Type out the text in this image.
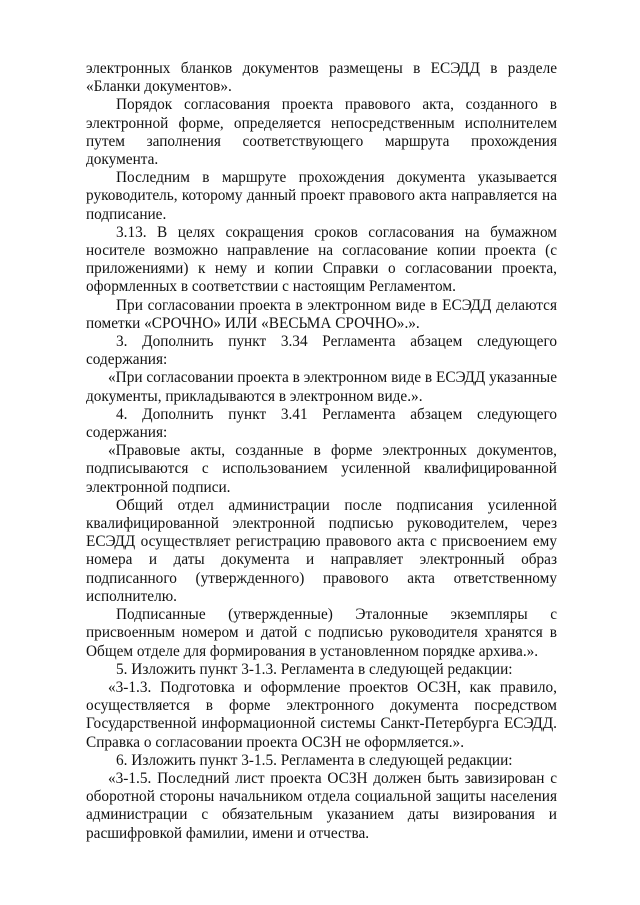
электронных бланков документов размещены в ЕСЭДД в разделе «Бланки документов».

Порядок согласования проекта правового акта, созданного в электронной форме, определяется непосредственным исполнителем путем заполнения соответствующего маршрута прохождения документа.

Последним в маршруте прохождения документа указывается руководитель, которому данный проект правового акта направляется на подписание.

3.13. В целях сокращения сроков согласования на бумажном носителе возможно направление на согласование копии проекта (с приложениями) к нему и копии Справки о согласовании проекта, оформленных в соответствии с настоящим Регламентом.

При согласовании проекта в электронном виде в ЕСЭДД делаются пометки «СРОЧНО» ИЛИ «ВЕСЬМА СРОЧНО».».

3. Дополнить пункт 3.34 Регламента абзацем следующего содержания:

«При согласовании проекта в электронном виде в ЕСЭДД указанные документы, прикладываются в электронном виде.».

4. Дополнить пункт 3.41 Регламента абзацем следующего содержания:

«Правовые акты, созданные в форме электронных документов, подписываются с использованием усиленной квалифицированной электронной подписи.

Общий отдел администрации после подписания усиленной квалифицированной электронной подписью руководителем, через ЕСЭДД осуществляет регистрацию правового акта с присвоением ему номера и даты документа и направляет электронный образ подписанного (утвержденного) правового акта ответственному исполнителю.

Подписанные (утвержденные) Эталонные экземпляры с присвоенным номером и датой с подписью руководителя хранятся в Общем отделе для формирования в установленном порядке архива.».

5. Изложить пункт 3-1.3. Регламента в следующей редакции:

«3-1.3. Подготовка и оформление проектов ОСЗН, как правило, осуществляется в форме электронного документа посредством Государственной информационной системы Санкт-Петербурга ЕСЭДД. Справка о согласовании проекта ОСЗН не оформляется.».

6. Изложить пункт 3-1.5. Регламента в следующей редакции:

«3-1.5. Последний лист проекта ОСЗН должен быть завизирован с оборотной стороны начальником отдела социальной защиты населения администрации с обязательным указанием даты визирования и расшифровкой фамилии, имени и отчества.
